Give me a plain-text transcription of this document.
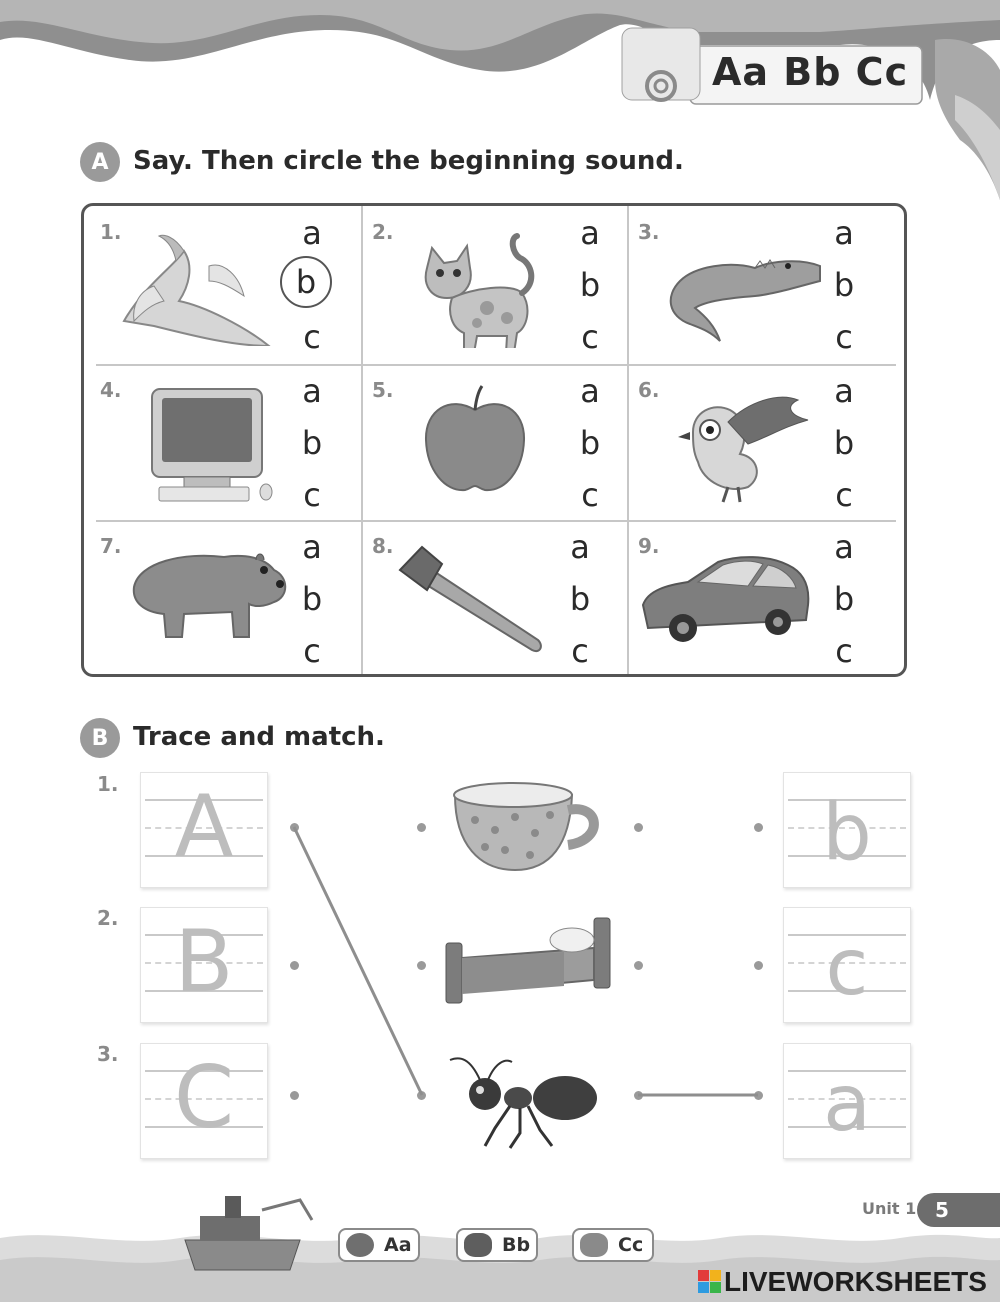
Aa Bb Cc
A Say. Then circle the beginning sound.
1.	a
b
c
2.	a
b
c
3.	a
b
c
4.	a
b
c
5.	a
b
c
6.	a
b
c
7.	a
b
c
8.	a
b
c
9.	a
b
c
B Trace and match.
1. A	b
2. B	c
3. C	a
Aa	Bb	Cc
Unit 1 5
LIVEWORKSHEETS
